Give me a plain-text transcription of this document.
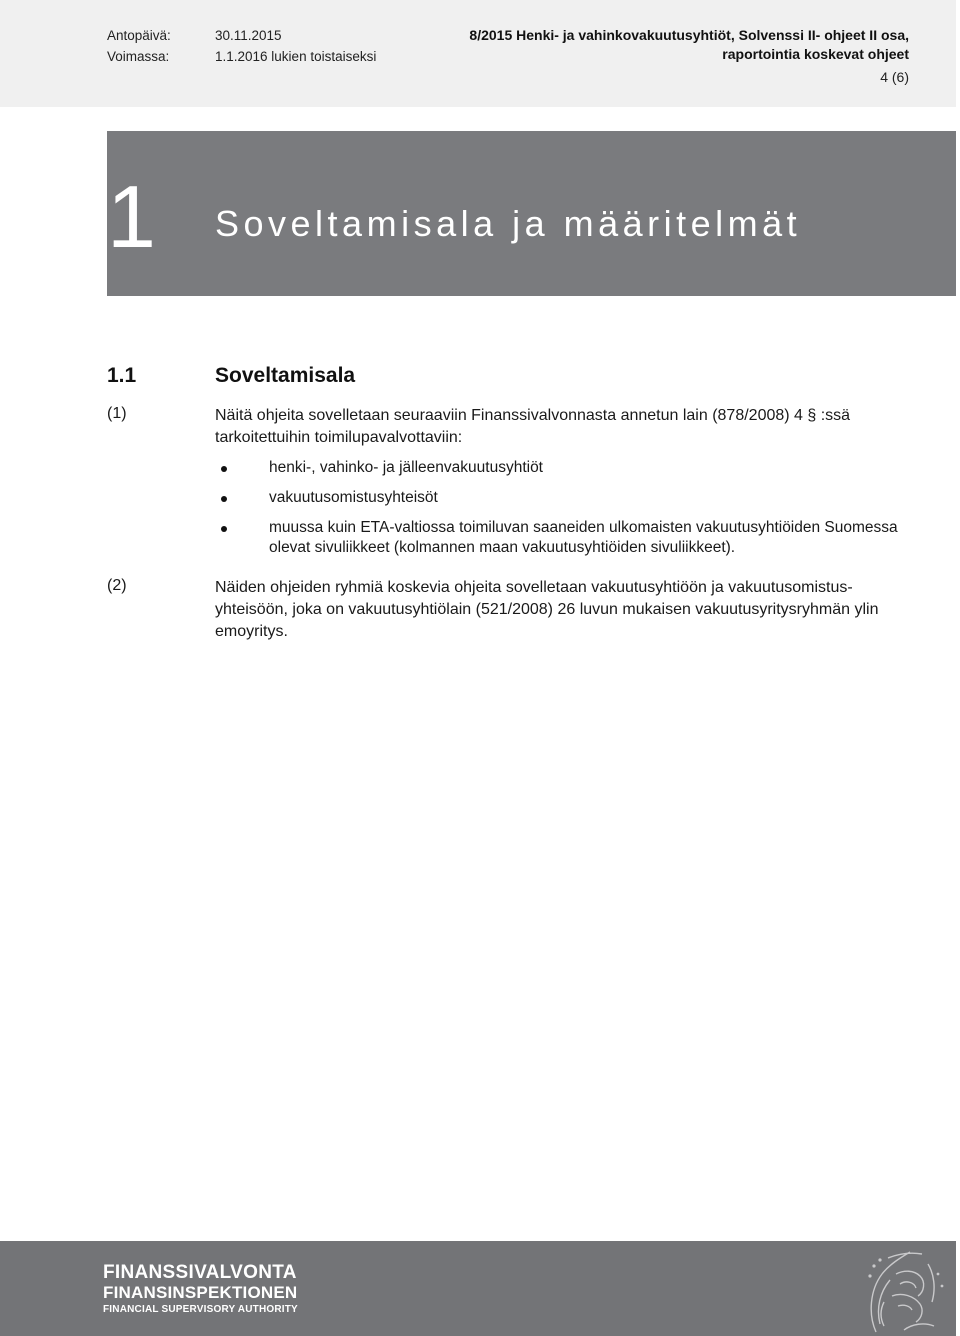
Antopäivä:	30.11.2015
Voimassa:	1.1.2016 lukien toistaiseksi
8/2015 Henki- ja vahinkovakuutusyhtiöt, Solvenssi II- ohjeet II osa,
raportointia koskevat ohjeet
4 (6)
1 Soveltamisala ja määritelmät
1.1	Soveltamisala
(1)	Näitä ohjeita sovelletaan seuraaviin Finanssivalvonnasta annetun lain (878/2008) 4 § :ssä tarkoitettuihin toimilupavalvottaviin:
henki-, vahinko- ja jälleenvakuutusyhtiöt
vakuutusomistusyhteisöt
muussa kuin ETA-valtiossa toimiluvan saaneiden ulkomaisten vakuutusyhtiöiden Suomessa olevat sivuliikkeet (kolmannen maan vakuutusyhtiöiden sivuliikkeet).
(2)	Näiden ohjeiden ryhmiä koskevia ohjeita sovelletaan vakuutusyhtiöön ja vakuutusomistus-yhteisöön, joka on vakuutusyhtiölain (521/2008) 26 luvun mukaisen vakuutusyritysryhmän ylin emoyritys.
FINANSSIVALVONTA
FINANSINSPEKTIONEN
FINANCIAL SUPERVISORY AUTHORITY
